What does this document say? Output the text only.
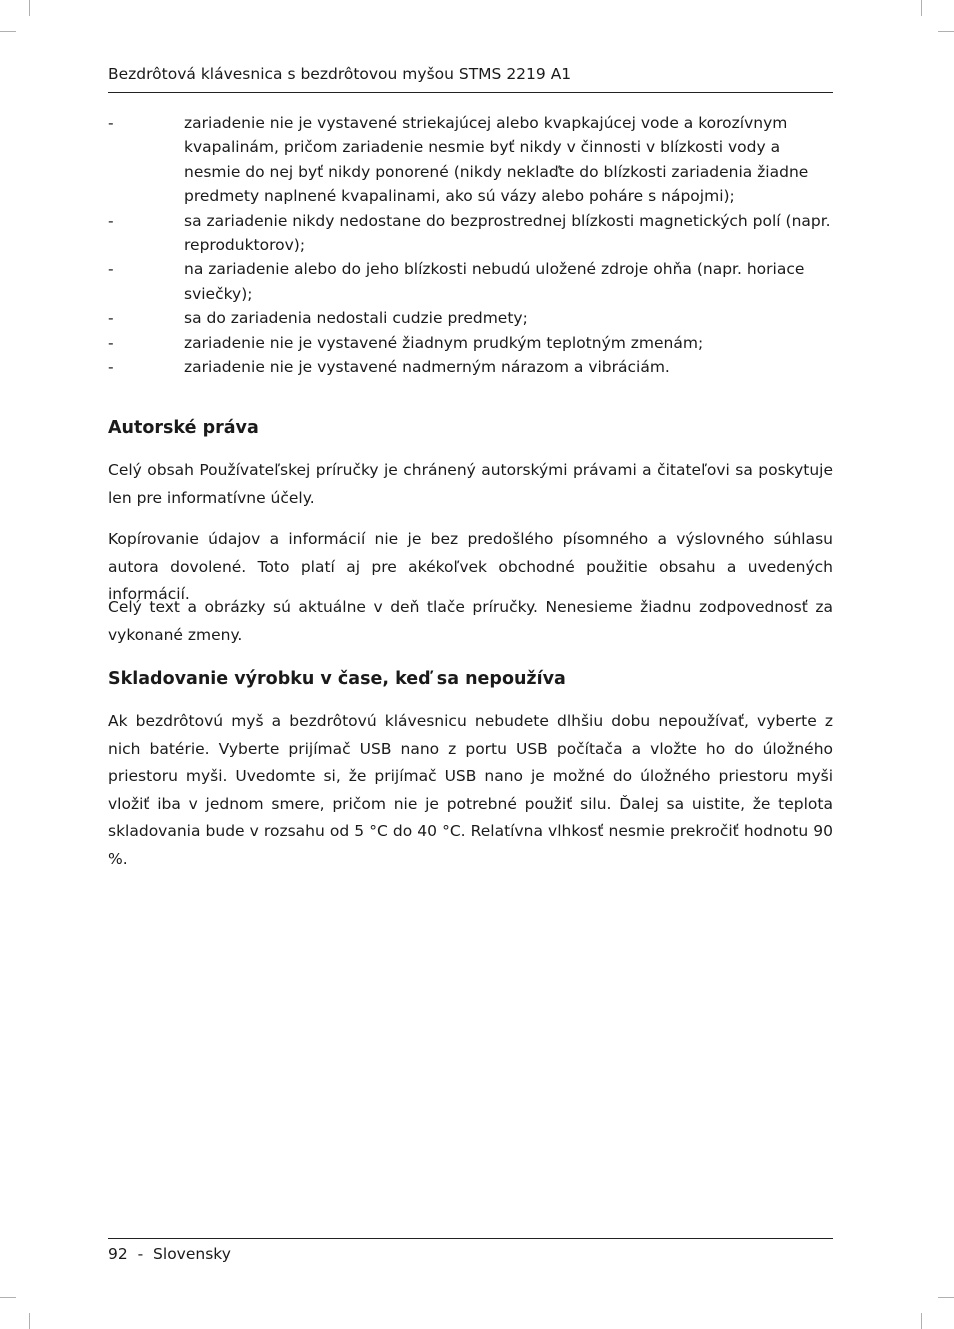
Bezdrôtová klávesnica s bezdrôtovou myšou STMS 2219 A1
-	zariadenie nie je vystavené striekajúcej alebo kvapkajúcej vode a korozívnym kvapalinám, pričom zariadenie nesmie byť nikdy v činnosti v blízkosti vody a nesmie do nej byť nikdy ponorené (nikdy neklaďte do blízkosti zariadenia žiadne predmety naplnené kvapalinami, ako sú vázy alebo poháre s nápojmi);
-	sa zariadenie nikdy nedostane do bezprostrednej blízkosti magnetických polí (napr. reproduktorov);
-	na zariadenie alebo do jeho blízkosti nebudú uložené zdroje ohňa (napr. horiace sviečky);
-	sa do zariadenia nedostali cudzie predmety;
-	zariadenie nie je vystavené žiadnym prudkým teplotným zmenám;
-	zariadenie nie je vystavené nadmerným nárazom a vibráciám.
Autorské práva

Celý obsah Používateľskej príručky je chránený autorskými právami a čitateľovi sa poskytuje len pre informatívne účely.

Kopírovanie údajov a informácií nie je bez predošlého písomného a výslovného súhlasu autora dovolené. Toto platí aj pre akékoľvek obchodné použitie obsahu a uvedených informácií.

Celý text a obrázky sú aktuálne v deň tlače príručky. Nenesieme žiadnu zodpovednosť za vykonané zmeny.

Skladovanie výrobku v čase, keď sa nepoužíva

Ak bezdrôtovú myš a bezdrôtovú klávesnicu nebudete dlhšiu dobu nepoužívať, vyberte z nich batérie. Vyberte prijímač USB nano z portu USB počítača a vložte ho do úložného priestoru myši. Uvedomte si, že prijímač USB nano je možné do úložného priestoru myši vložiť iba v jednom smere, pričom nie je potrebné použiť silu. Ďalej sa uistite, že teplota skladovania bude v rozsahu od 5 °C do 40 °C. Relatívna vlhkosť nesmie prekročiť hodnotu 90 %.

92 - Slovensky
